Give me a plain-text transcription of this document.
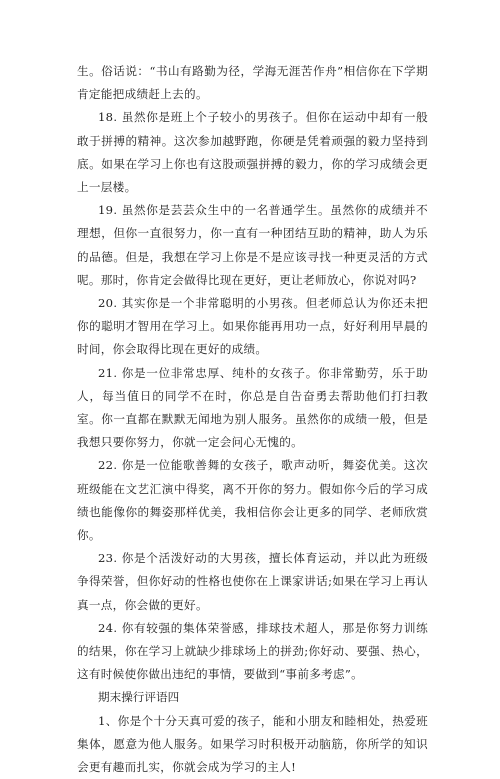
生。俗话说：“书山有路勤为径，学海无涯苦作舟”相信你在下学期肯定能把成绩赶上去的。

18. 虽然你是班上个子较小的男孩子。但你在运动中却有一般敢于拼搏的精神。这次参加越野跑，你硬是凭着顽强的毅力坚持到底。如果在学习上你也有这股顽强拼搏的毅力，你的学习成绩会更上一层楼。

19. 虽然你是芸芸众生中的一名普通学生。虽然你的成绩并不理想，但你一直很努力，你一直有一种团结互助的精神，助人为乐的品德。但是，我想在学习上你是不是应该寻找一种更灵活的方式呢。那时，你肯定会做得比现在更好，更让老师放心，你说对吗?

20. 其实你是一个非常聪明的小男孩。但老师总认为你还未把你的聪明才智用在学习上。如果你能再用功一点，好好利用早晨的时间，你会取得比现在更好的成绩。

21. 你是一位非常忠厚、纯朴的女孩子。你非常勤劳，乐于助人，每当值日的同学不在时，你总是自告奋勇去帮助他们打扫教室。你一直都在默默无闻地为别人服务。虽然你的成绩一般，但是我想只要你努力，你就一定会问心无愧的。

22. 你是一位能歌善舞的女孩子，歌声动听，舞姿优美。这次班级能在文艺汇演中得奖，离不开你的努力。假如你今后的学习成绩也能像你的舞姿那样优美，我相信你会让更多的同学、老师欣赏你。

23. 你是个活泼好动的大男孩，擅长体育运动，并以此为班级争得荣誉，但你好动的性格也使你在上课家讲话;如果在学习上再认真一点，你会做的更好。

24. 你有较强的集体荣誉感，排球技术超人，那是你努力训练的结果，你在学习上就缺少排球场上的拼劲;你好动、要强、热心，这有时候使你做出违纪的事情，要做到“事前多考虑”。

期末操行评语四

1、你是个十分天真可爱的孩子，能和小朋友和睦相处，热爱班集体，愿意为他人服务。如果学习时积极开动脑筋，你所学的知识会更有趣而扎实，你就会成为学习的主人!
